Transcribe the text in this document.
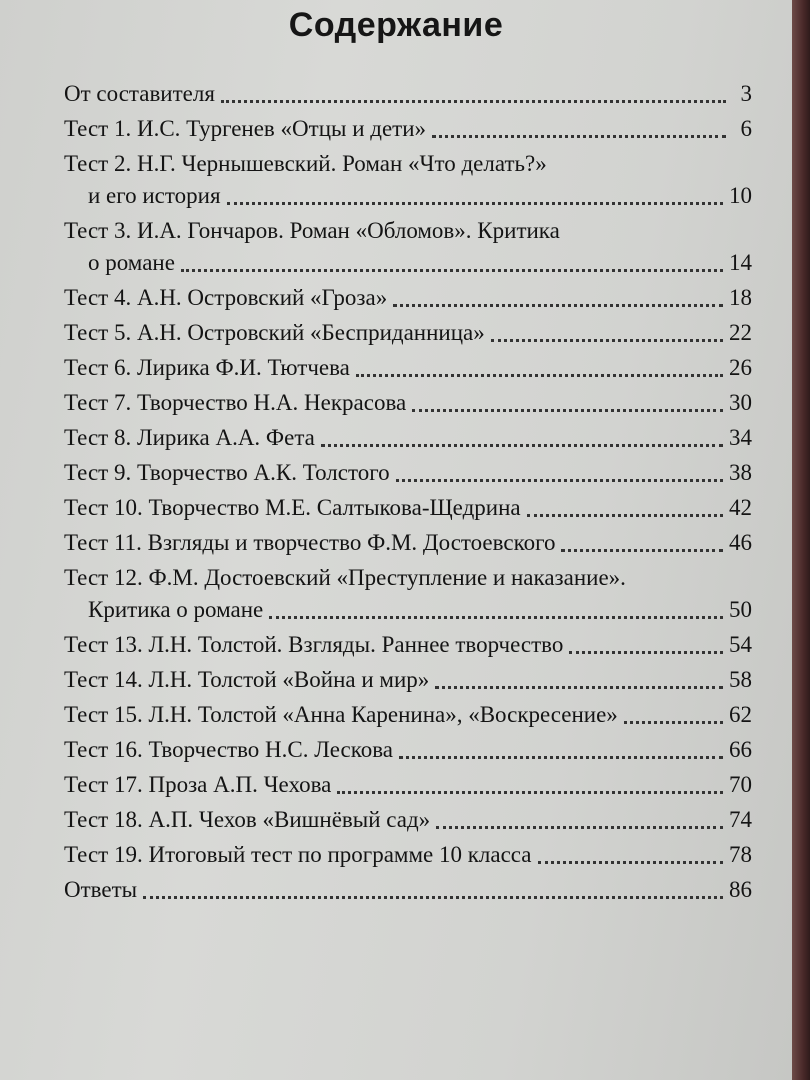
Содержание
От составителя	3
Тест 1. И.С. Тургенев «Отцы и дети»	6
Тест 2. Н.Г. Чернышевский. Роман «Что делать?»
и его история	10
Тест 3. И.А. Гончаров. Роман «Обломов». Критика
о романе	14
Тест 4. А.Н. Островский «Гроза»	18
Тест 5. А.Н. Островский «Бесприданница»	22
Тест 6. Лирика Ф.И. Тютчева	26
Тест 7. Творчество Н.А. Некрасова	30
Тест 8. Лирика А.А. Фета	34
Тест 9. Творчество А.К. Толстого	38
Тест 10. Творчество М.Е. Салтыкова-Щедрина	42
Тест 11. Взгляды и творчество Ф.М. Достоевского	46
Тест 12. Ф.М. Достоевский «Преступление и наказание».
Критика о романе	50
Тест 13. Л.Н. Толстой. Взгляды. Раннее творчество	54
Тест 14. Л.Н. Толстой «Война и мир»	58
Тест 15. Л.Н. Толстой «Анна Каренина», «Воскресение»	62
Тест 16. Творчество Н.С. Лескова	66
Тест 17. Проза А.П. Чехова	70
Тест 18. А.П. Чехов «Вишнёвый сад»	74
Тест 19. Итоговый тест по программе 10 класса	78
Ответы	86
